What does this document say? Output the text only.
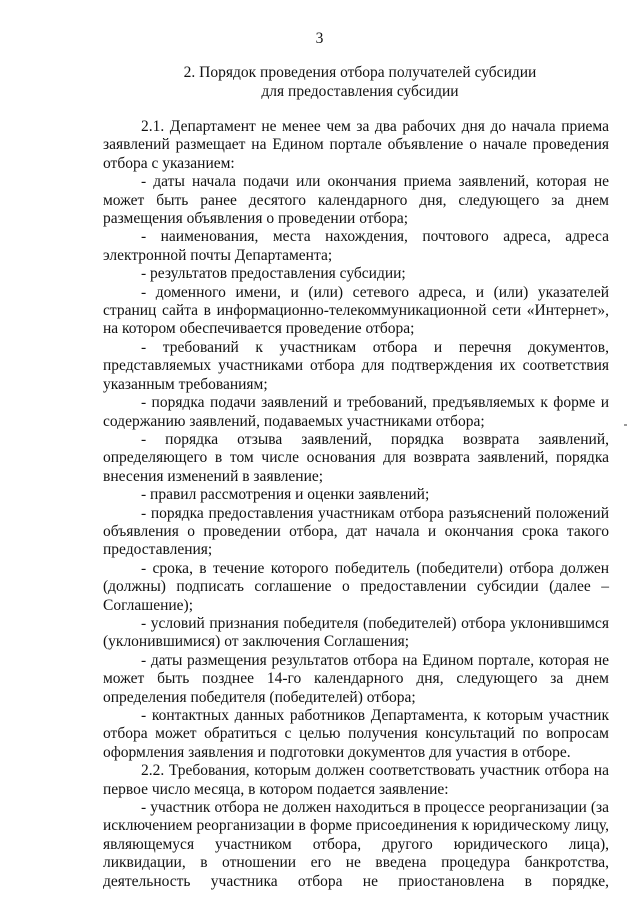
3
2. Порядок проведения отбора получателей субсидии
для предоставления субсидии

2.1. Департамент не менее чем за два рабочих дня до начала приема заявлений размещает на Едином портале объявление о начале проведения отбора с указанием:

- даты начала подачи или окончания приема заявлений, которая не может быть ранее десятого календарного дня, следующего за днем размещения объявления о проведении отбора;

- наименования, места нахождения, почтового адреса, адреса электронной почты Департамента;

- результатов предоставления субсидии;

- доменного имени, и (или) сетевого адреса, и (или) указателей страниц сайта в информационно-телекоммуникационной сети «Интернет», на котором обеспечивается проведение отбора;

- требований к участникам отбора и перечня документов, представляемых участниками отбора для подтверждения их соответствия указанным требованиям;

- порядка подачи заявлений и требований, предъявляемых к форме и содержанию заявлений, подаваемых участниками отбора;

- порядка отзыва заявлений, порядка возврата заявлений, определяющего в том числе основания для возврата заявлений, порядка внесения изменений в заявление;

- правил рассмотрения и оценки заявлений;

- порядка предоставления участникам отбора разъяснений положений объявления о проведении отбора, дат начала и окончания срока такого предоставления;

- срока, в течение которого победитель (победители) отбора должен (должны) подписать соглашение о предоставлении субсидии (далее – Соглашение);

- условий признания победителя (победителей) отбора уклонившимся (уклонившимися) от заключения Соглашения;

- даты размещения результатов отбора на Едином портале, которая не может быть позднее 14-го календарного дня, следующего за днем определения победителя (победителей) отбора;

- контактных данных работников Департамента, к которым участник отбора может обратиться с целью получения консультаций по вопросам оформления заявления и подготовки документов для участия в отборе.

2.2. Требования, которым должен соответствовать участник отбора на первое число месяца, в котором подается заявление:

- участник отбора не должен находиться в процессе реорганизации (за исключением реорганизации в форме присоединения к юридическому лицу, являющемуся участником отбора, другого юридического лица), ликвидации, в отношении его не введена процедура банкротства, деятельность участника отбора не приостановлена в порядке,
